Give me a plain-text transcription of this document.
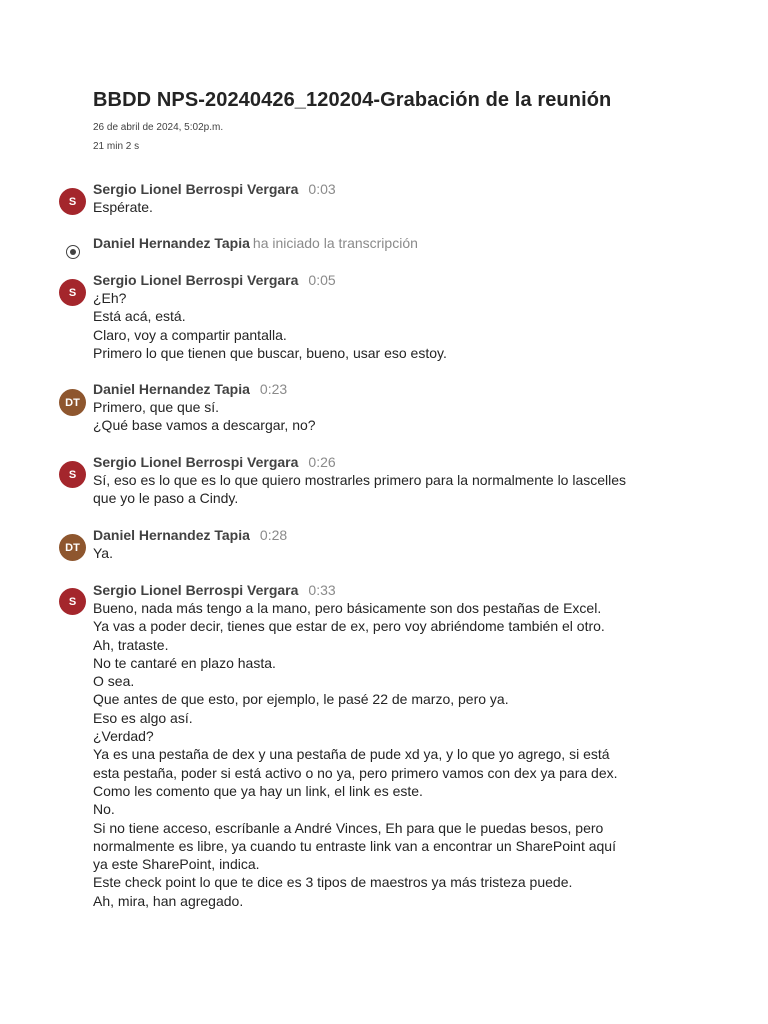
BBDD NPS-20240426_120204-Grabación de la reunión
26 de abril de 2024, 5:02p.m.
21 min 2 s
S
Sergio Lionel Berrospi Vergara 0:03
Espérate.
Daniel Hernandez Tapia ha iniciado la transcripción
S
Sergio Lionel Berrospi Vergara 0:05
¿Eh?
Está acá, está.
Claro, voy a compartir pantalla.
Primero lo que tienen que buscar, bueno, usar eso estoy.
DT
Daniel Hernandez Tapia 0:23
Primero, que que sí.
¿Qué base vamos a descargar, no?
S
Sergio Lionel Berrospi Vergara 0:26
Sí, eso es lo que es lo que quiero mostrarles primero para la normalmente lo lascelles
que yo le paso a Cindy.
DT
Daniel Hernandez Tapia 0:28
Ya.
S
Sergio Lionel Berrospi Vergara 0:33
Bueno, nada más tengo a la mano, pero básicamente son dos pestañas de Excel.
Ya vas a poder decir, tienes que estar de ex, pero voy abriéndome también el otro.
Ah, trataste.
No te cantaré en plazo hasta.
O sea.
Que antes de que esto, por ejemplo, le pasé 22 de marzo, pero ya.
Eso es algo así.
¿Verdad?
Ya es una pestaña de dex y una pestaña de pude xd ya, y lo que yo agrego, si está
esta pestaña, poder si está activo o no ya, pero primero vamos con dex ya para dex.
Como les comento que ya hay un link, el link es este.
No.
Si no tiene acceso, escríbanle a André Vinces, Eh para que le puedas besos, pero
normalmente es libre, ya cuando tu entraste link van a encontrar un SharePoint aquí
ya este SharePoint, indica.
Este check point lo que te dice es 3 tipos de maestros ya más tristeza puede.
Ah, mira, han agregado.
